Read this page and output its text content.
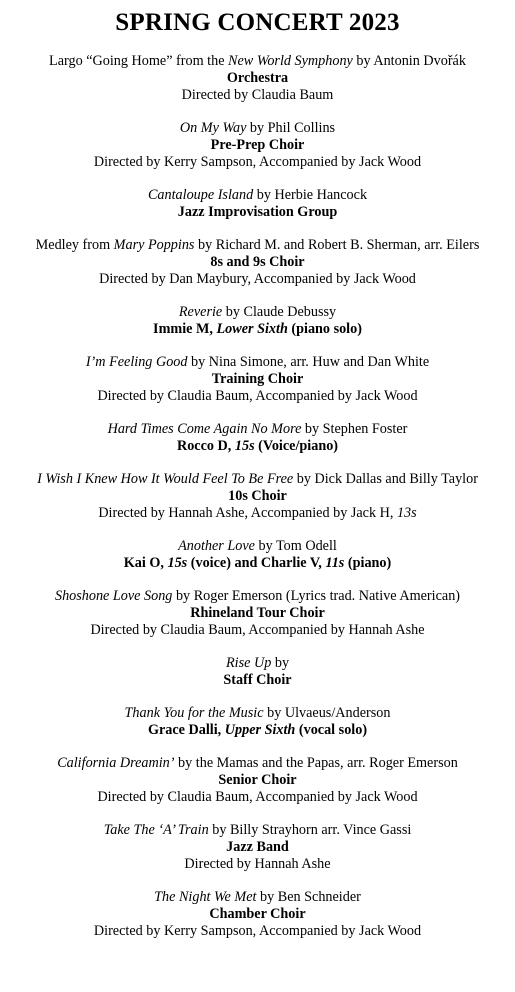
SPRING CONCERT 2023
Largo “Going Home” from the New World Symphony by Antonin Dvořák
Orchestra
Directed by Claudia Baum
On My Way by Phil Collins
Pre-Prep Choir
Directed by Kerry Sampson, Accompanied by Jack Wood
Cantaloupe Island by Herbie Hancock
Jazz Improvisation Group
Medley from Mary Poppins by Richard M. and Robert B. Sherman, arr. Eilers
8s and 9s Choir
Directed by Dan Maybury, Accompanied by Jack Wood
Reverie by Claude Debussy
Immie M, Lower Sixth (piano solo)
I’m Feeling Good by Nina Simone, arr. Huw and Dan White
Training Choir
Directed by Claudia Baum, Accompanied by Jack Wood
Hard Times Come Again No More by Stephen Foster
Rocco D, 15s (Voice/piano)
I Wish I Knew How It Would Feel To Be Free by Dick Dallas and Billy Taylor
10s Choir
Directed by Hannah Ashe, Accompanied by Jack H, 13s
Another Love by Tom Odell
Kai O, 15s (voice) and Charlie V, 11s (piano)
Shoshone Love Song by Roger Emerson (Lyrics trad. Native American)
Rhineland Tour Choir
Directed by Claudia Baum, Accompanied by Hannah Ashe
Rise Up by
Staff Choir
Thank You for the Music by Ulvaeus/Anderson
Grace Dalli, Upper Sixth (vocal solo)
California Dreamin’ by the Mamas and the Papas, arr. Roger Emerson
Senior Choir
Directed by Claudia Baum, Accompanied by Jack Wood
Take The ‘A’ Train by Billy Strayhorn arr. Vince Gassi
Jazz Band
Directed by Hannah Ashe
The Night We Met by Ben Schneider
Chamber Choir
Directed by Kerry Sampson, Accompanied by Jack Wood
